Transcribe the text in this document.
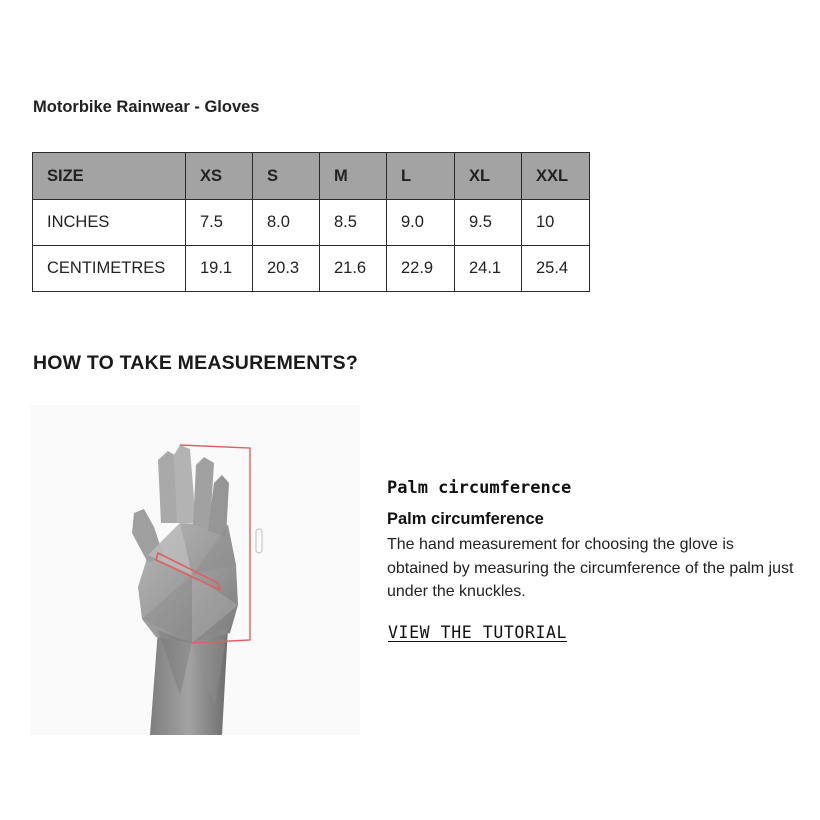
Motorbike Rainwear - Gloves
SIZE	XS	S	M	L	XL	XXL
INCHES	7.5	8.0	8.5	9.0	9.5	10
CENTIMETRES	19.1	20.3	21.6	22.9	24.1	25.4
HOW TO TAKE MEASUREMENTS?
Palm circumference
Palm circumference
The hand measurement for choosing the glove is obtained by measuring the circumference of the palm just under the knuckles.
VIEW THE TUTORIAL
